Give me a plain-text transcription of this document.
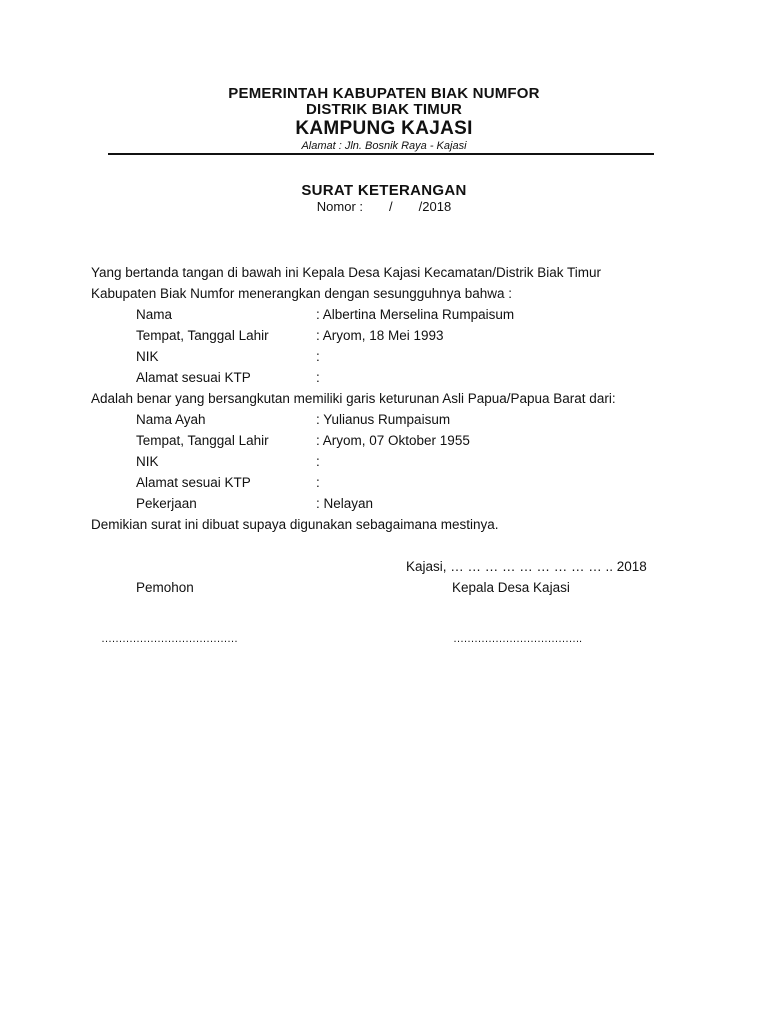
PEMERINTAH KABUPATEN BIAK NUMFOR
DISTRIK BIAK TIMUR
KAMPUNG KAJASI
Alamat : Jln. Bosnik Raya - Kajasi
SURAT KETERANGAN
Nomor : / /2018
Yang bertanda tangan di bawah ini Kepala Desa Kajasi Kecamatan/Distrik Biak Timur
Kabupaten Biak Numfor menerangkan dengan sesungguhnya bahwa :
Nama	: Albertina Merselina Rumpaisum
Tempat, Tanggal Lahir	: Aryom, 18 Mei 1993
NIK	:
Alamat sesuai KTP	:
Adalah benar yang bersangkutan memiliki garis keturunan Asli Papua/Papua Barat dari:
Nama Ayah	: Yulianus Rumpaisum
Tempat, Tanggal Lahir	: Aryom, 07 Oktober 1955
NIK	:
Alamat sesuai KTP	:
Pekerjaan	: Nelayan
Demikian surat ini dibuat supaya digunakan sebagaimana mestinya.
Kajasi, … … … … … … … … … .. 2018
Pemohon	Kepala Desa Kajasi
…………………………………	……………………………….
